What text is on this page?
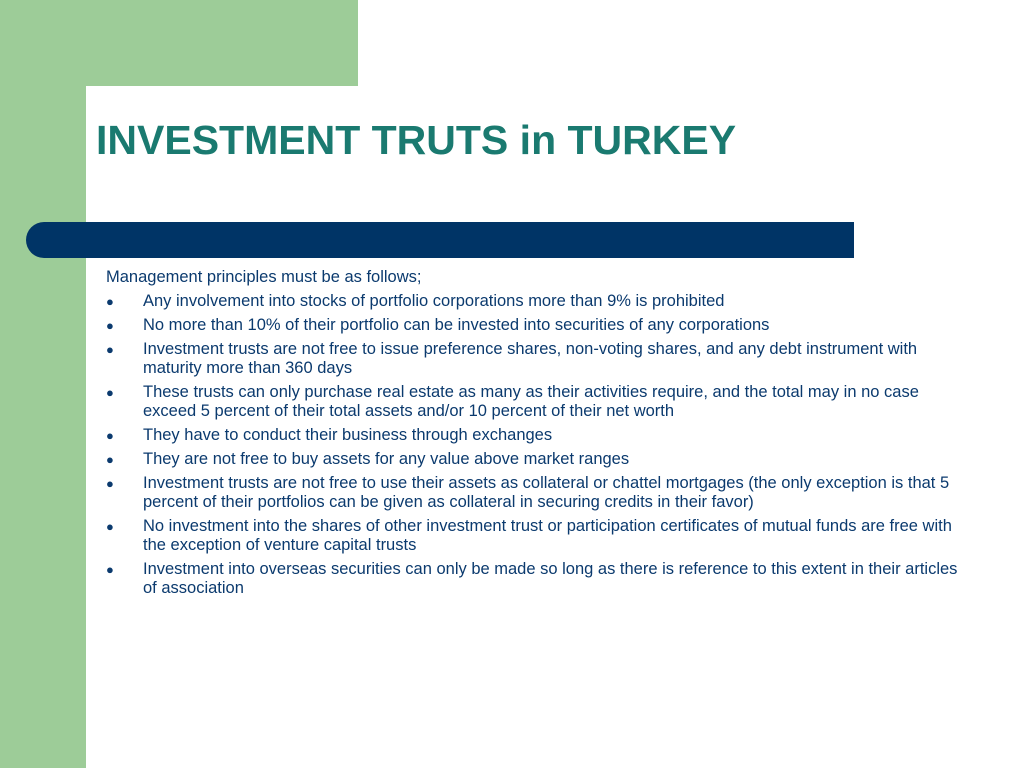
INVESTMENT TRUTS in TURKEY

Management principles must be as follows;

● Any involvement into stocks of portfolio corporations more than 9% is prohibited
● No more than 10% of their portfolio can be invested into securities of any corporations
● Investment trusts are not free to issue preference shares, non-voting shares, and any debt instrument with maturity more than 360 days
● These trusts can only purchase real estate as many as their activities require, and the total may in no case exceed 5 percent of their total assets and/or 10 percent of their net worth
● They have to conduct their business through exchanges
● They are not free to buy assets for any value above market ranges
● Investment trusts are not free to use their assets as collateral or chattel mortgages (the only exception is that 5 percent of their portfolios can be given as collateral in securing credits in their favor)
● No investment into the shares of other investment trust or participation certificates of mutual funds are free with the exception of venture capital trusts
● Investment into overseas securities can only be made so long as there is reference to this extent in their articles of association
